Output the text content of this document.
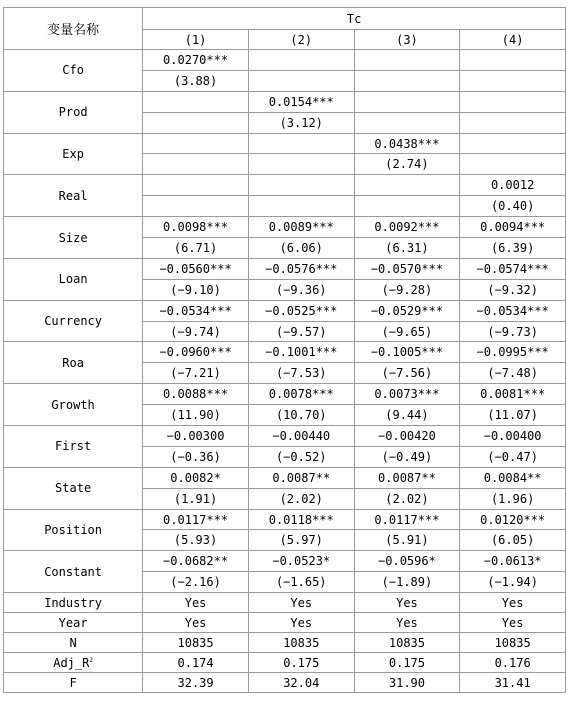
变量名称	Tc			
	(1)	(2)	(3)	(4)
Cfo	0.0270***			
	(3.88)			
Prod		0.0154***		
		(3.12)		
Exp			0.0438***	
			(2.74)	
Real				0.0012
				(0.40)
Size	0.0098***	0.0089***	0.0092***	0.0094***
	(6.71)	(6.06)	(6.31)	(6.39)
Loan	−0.0560***	−0.0576***	−0.0570***	−0.0574***
	(−9.10)	(−9.36)	(−9.28)	(−9.32)
Currency	−0.0534***	−0.0525***	−0.0529***	−0.0534***
	(−9.74)	(−9.57)	(−9.65)	(−9.73)
Roa	−0.0960***	−0.1001***	−0.1005***	−0.0995***
	(−7.21)	(−7.53)	(−7.56)	(−7.48)
Growth	0.0088***	0.0078***	0.0073***	0.0081***
	(11.90)	(10.70)	(9.44)	(11.07)
First	−0.00300	−0.00440	−0.00420	−0.00400
	(−0.36)	(−0.52)	(−0.49)	(−0.47)
State	0.0082*	0.0087**	0.0087**	0.0084**
	(1.91)	(2.02)	(2.02)	(1.96)
Position	0.0117***	0.0118***	0.0117***	0.0120***
	(5.93)	(5.97)	(5.91)	(6.05)
Constant	−0.0682**	−0.0523*	−0.0596*	−0.0613*
	(−2.16)	(−1.65)	(−1.89)	(−1.94)
Industry	Yes	Yes	Yes	Yes
Year	Yes	Yes	Yes	Yes
N	10835	10835	10835	10835
$Adj\_R^2$	0.174	0.175	0.175	0.176
F	32.39	32.04	31.90	31.41
